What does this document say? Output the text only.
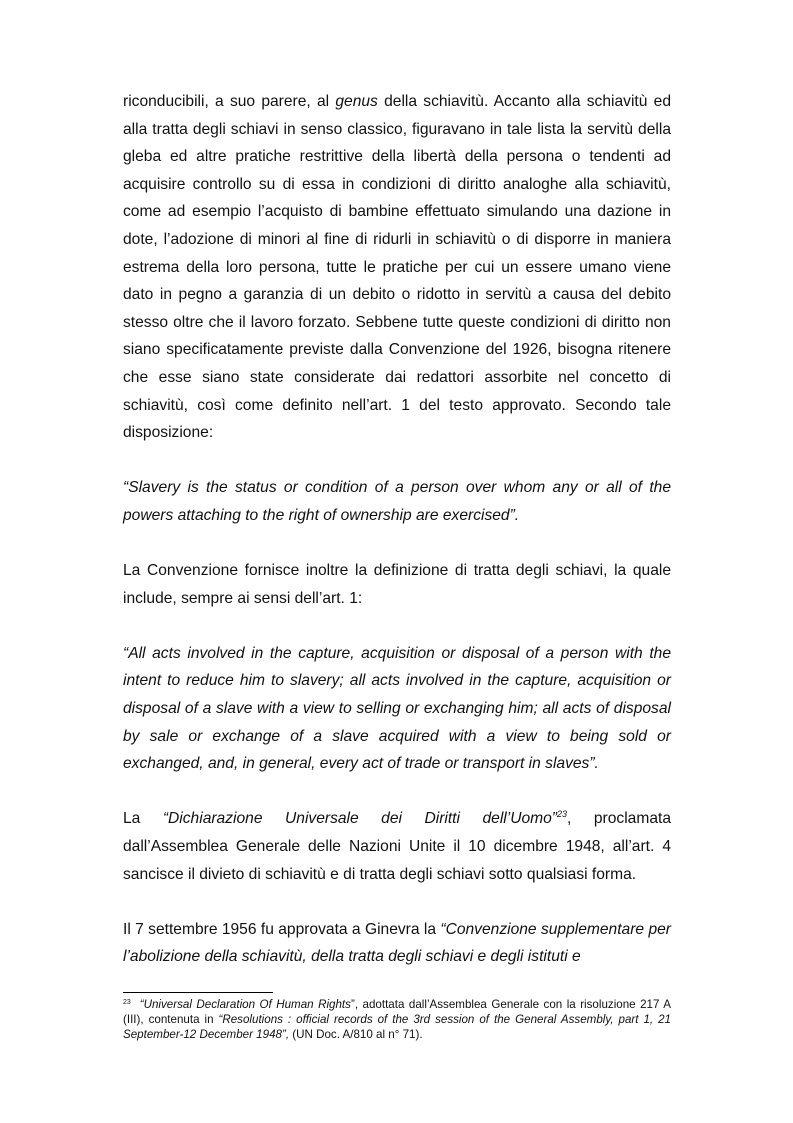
riconducibili, a suo parere, al genus della schiavitù. Accanto alla schiavitù ed alla tratta degli schiavi in senso classico, figuravano in tale lista la servitù della gleba ed altre pratiche restrittive della libertà della persona o tendenti ad acquisire controllo su di essa in condizioni di diritto analoghe alla schiavitù, come ad esempio l’acquisto di bambine effettuato simulando una dazione in dote, l’adozione di minori al fine di ridurli in schiavitù o di disporre in maniera estrema della loro persona, tutte le pratiche per cui un essere umano viene dato in pegno a garanzia di un debito o ridotto in servitù a causa del debito stesso oltre che il lavoro forzato. Sebbene tutte queste condizioni di diritto non siano specificatamente previste dalla Convenzione del 1926, bisogna ritenere che esse siano state considerate dai redattori assorbite nel concetto di schiavitù, così come definito nell’art. 1 del testo approvato. Secondo tale disposizione:

“Slavery is the status or condition of a person over whom any or all of the powers attaching to the right of ownership are exercised”.

La Convenzione fornisce inoltre la definizione di tratta degli schiavi, la quale include, sempre ai sensi dell’art. 1:

“All acts involved in the capture, acquisition or disposal of a person with the intent to reduce him to slavery; all acts involved in the capture, acquisition or disposal of a slave with a view to selling or exchanging him; all acts of disposal by sale or exchange of a slave acquired with a view to being sold or exchanged, and, in general, every act of trade or transport in slaves”.

La “Dichiarazione Universale dei Diritti dell’Uomo”$^{23}$, proclamata dall’Assemblea Generale delle Nazioni Unite il 10 dicembre 1948, all’art. 4 sancisce il divieto di schiavitù e di tratta degli schiavi sotto qualsiasi forma.

Il 7 settembre 1956 fu approvata a Ginevra la “Convenzione supplementare per l’abolizione della schiavitù, della tratta degli schiavi e degli istituti e

$^{23}$ “Universal Declaration Of Human Rights”, adottata dall’Assemblea Generale con la risoluzione 217 A (III), contenuta in “Resolutions : official records of the 3rd session of the General Assembly, part 1, 21 September-12 December 1948”, (UN Doc. A/810 al n° 71).
